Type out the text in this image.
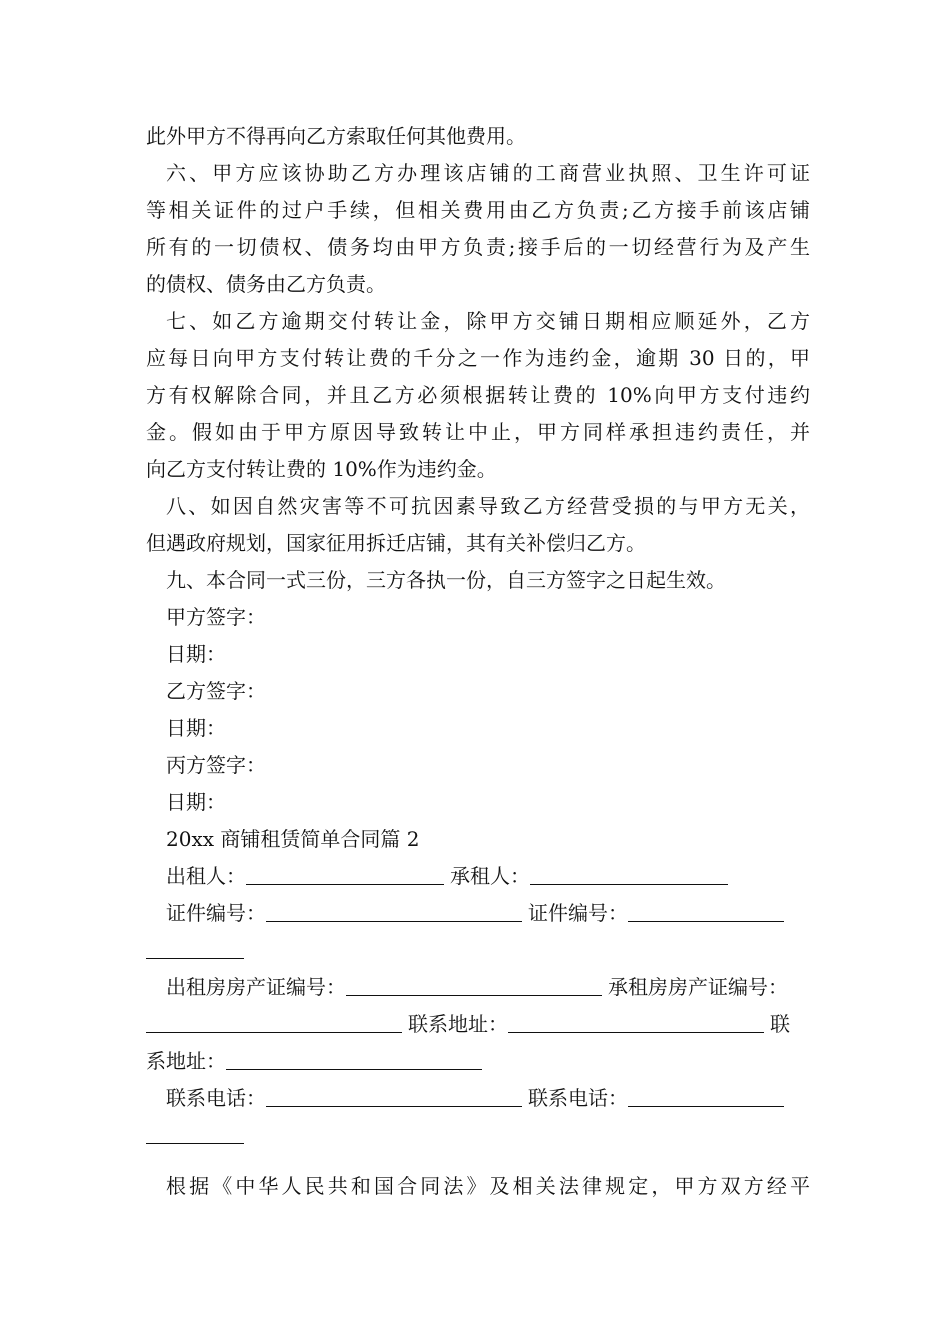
此外甲方不得再向乙方索取任何其他费用。
六、甲方应该协助乙方办理该店铺的工商营业执照、卫生许可证
等相关证件的过户手续，但相关费用由乙方负责;乙方接手前该店铺
所有的一切债权、债务均由甲方负责;接手后的一切经营行为及产生
的债权、债务由乙方负责。
七、如乙方逾期交付转让金，除甲方交铺日期相应顺延外，乙方
应每日向甲方支付转让费的千分之一作为违约金，逾期 30 日的，甲
方有权解除合同，并且乙方必须根据转让费的 10%向甲方支付违约
金。假如由于甲方原因导致转让中止，甲方同样承担违约责任，并
向乙方支付转让费的 10%作为违约金。
八、如因自然灾害等不可抗因素导致乙方经营受损的与甲方无关，
但遇政府规划，国家征用拆迁店铺，其有关补偿归乙方。
九、本合同一式三份，三方各执一份，自三方签字之日起生效。
甲方签字：
日期：
乙方签字：
日期：
丙方签字：
日期：
20xx 商铺租赁简单合同篇 2
出租人：	承租人：
证件编号：	证件编号：
出租房房产证编号：	承租房房产证编号：
联系地址：	联
系地址：
联系电话：	联系电话：
根据《中华人民共和国合同法》及相关法律规定，甲方双方经平
